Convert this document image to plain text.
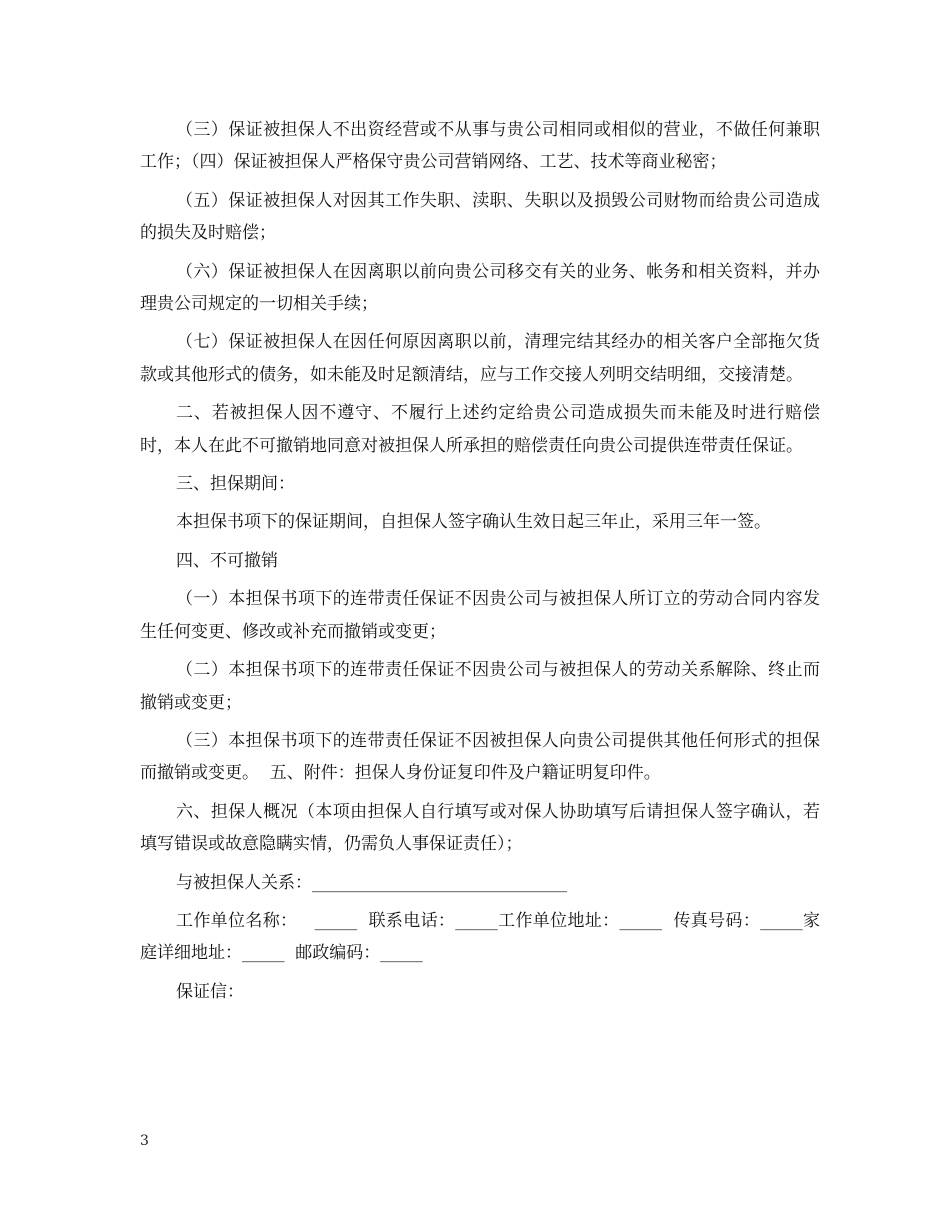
（三）保证被担保人不出资经营或不从事与贵公司相同或相似的营业，不做任何兼职工作；（四）保证被担保人严格保守贵公司营销网络、工艺、技术等商业秘密；

（五）保证被担保人对因其工作失职、渎职、失职以及损毁公司财物而给贵公司造成的损失及时赔偿；

（六）保证被担保人在因离职以前向贵公司移交有关的业务、帐务和相关资料，并办理贵公司规定的一切相关手续；

（七）保证被担保人在因任何原因离职以前，清理完结其经办的相关客户全部拖欠货款或其他形式的债务，如未能及时足额清结，应与工作交接人列明交结明细，交接清楚。

二、若被担保人因不遵守、不履行上述约定给贵公司造成损失而未能及时进行赔偿时，本人在此不可撤销地同意对被担保人所承担的赔偿责任向贵公司提供连带责任保证。

三、担保期间：

本担保书项下的保证期间，自担保人签字确认生效日起三年止，采用三年一签。

四、不可撤销

（一）本担保书项下的连带责任保证不因贵公司与被担保人所订立的劳动合同内容发生任何变更、修改或补充而撤销或变更；

（二）本担保书项下的连带责任保证不因贵公司与被担保人的劳动关系解除、终止而撤销或变更；

（三）本担保书项下的连带责任保证不因被担保人向贵公司提供其他任何形式的担保而撤销或变更。  五、附件：担保人身份证复印件及户籍证明复印件。

六、担保人概况（本项由担保人自行填写或对保人协助填写后请担保人签字确认，若填写错误或故意隐瞒实情，仍需负人事保证责任）；

与被担保人关系：______________________________

工作单位名称：   _____  联系电话：_____工作单位地址：_____  传真号码：_____家庭详细地址：_____  邮政编码：_____

保证信：

3
